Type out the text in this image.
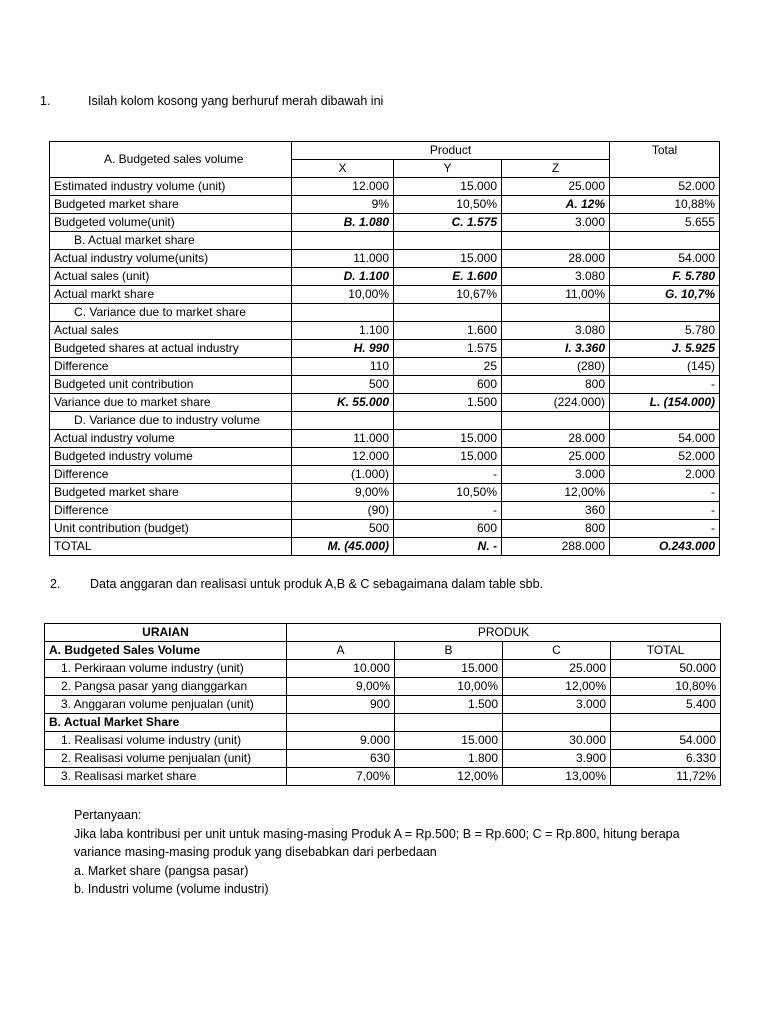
1.	Isilah kolom kosong yang berhuruf merah dibawah ini
A. Budgeted sales volume	Product			Total
	X	Y	Z	
Estimated industry volume (unit)	12.000	15.000	25.000	52.000
Budgeted market share	9%	10,50%	A. 12%	10,88%
Budgeted volume(unit)	B. 1.080	C. 1.575	3.000	5.655
B. Actual market share				
Actual industry volume(units)	11.000	15.000	28.000	54.000
Actual sales (unit)	D. 1.100	E. 1.600	3.080	F. 5.780
Actual markt share	10,00%	10,67%	11,00%	G. 10,7%
C. Variance due to market share				
Actual sales	1.100	1.600	3.080	5.780
Budgeted shares at actual industry	H. 990	1.575	I. 3.360	J. 5.925
Difference	110	25	(280)	(145)
Budgeted unit contribution	500	600	800	-
Variance due to market share	K. 55.000	1.500	(224.000)	L. (154.000)
D. Variance due to industry volume				
Actual industry volume	11.000	15.000	28.000	54.000
Budgeted industry volume	12.000	15.000	25.000	52.000
Difference	(1.000)	-	3.000	2.000
Budgeted market share	9,00%	10,50%	12,00%	-
Difference	(90)	-	360	-
Unit contribution (budget)	500	600	800	-
TOTAL	M. (45.000)	N. -	288.000	O.243.000
2. Data anggaran dan realisasi untuk produk A,B & C sebagaimana dalam table sbb.
URAIAN	PRODUK			
A. Budgeted Sales Volume	A	B	C	TOTAL
1. Perkiraan volume industry (unit)	10.000	15.000	25.000	50.000
2. Pangsa pasar yang dianggarkan	9,00%	10,00%	12,00%	10,80%
3. Anggaran volume penjualan (unit)	900	1.500	3.000	5.400
B. Actual Market Share				
1. Realisasi volume industry (unit)	9.000	15.000	30.000	54.000
2. Realisasi volume penjualan (unit)	630	1.800	3.900	6.330
3. Realisasi market share	7,00%	12,00%	13,00%	11,72%
Pertanyaan:
Jika laba kontribusi per unit untuk masing-masing Produk A = Rp.500; B = Rp.600; C = Rp.800, hitung berapa
variance masing-masing produk yang disebabkan dari perbedaan
a. Market share (pangsa pasar)
b. Industri volume (volume industri)
